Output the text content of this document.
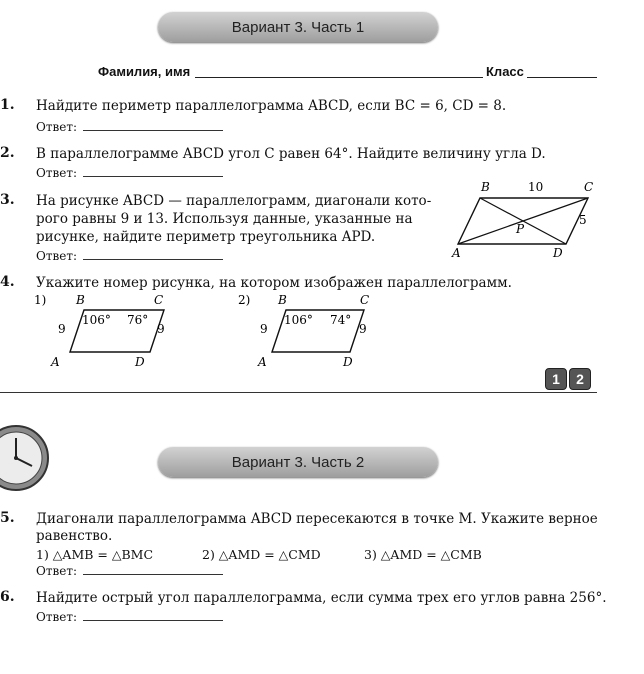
Вариант 3. Часть 1
Фамилия, имя	Класс
1. Найдите периметр параллелограмма ABCD, если BC = 6, CD = 8.
Ответ:
2. В параллелограмме ABCD угол C равен 64°. Найдите величину угла D.
Ответ:
3. На рисунке ABCD — параллелограмм, диагонали кото-
рого равны 9 и 13. Используя данные, указанные на
рисунке, найдите периметр треугольника APD.
Ответ:
B	10	C
5
P
A	D
4. Укажите номер рисунка, на котором изображен параллелограмм.
1) B	C
106° 76°
9	9
A	D
2) B	C
106° 74°
9	9
A	D
1	2
Вариант 3. Часть 2
5. Диагонали параллелограмма ABCD пересекаются в точке M. Укажите верное
равенство.
1) △AMB = △BMC	2) △AMD = △CMD	3) △AMD = △CMB
Ответ:
6. Найдите острый угол параллелограмма, если сумма трех его углов равна 256°.
Ответ:
